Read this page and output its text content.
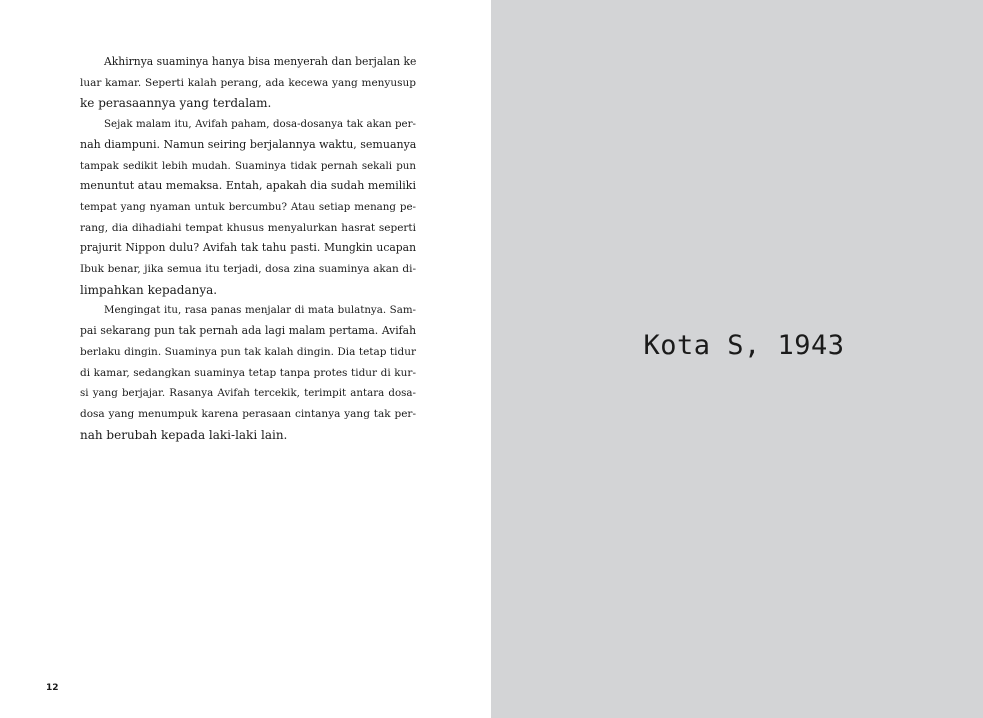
Akhirnya suaminya hanya bisa menyerah dan berjalan ke
luar kamar. Seperti kalah perang, ada kecewa yang menyusup
ke perasaannya yang terdalam.

Sejak malam itu, Avifah paham, dosa-dosanya tak akan per-
nah diampuni. Namun seiring berjalannya waktu, semuanya
tampak sedikit lebih mudah. Suaminya tidak pernah sekali pun
menuntut atau memaksa. Entah, apakah dia sudah memiliki
tempat yang nyaman untuk bercumbu? Atau setiap menang pe-
rang, dia dihadiahi tempat khusus menyalurkan hasrat seperti
prajurit Nippon dulu? Avifah tak tahu pasti. Mungkin ucapan
Ibuk benar, jika semua itu terjadi, dosa zina suaminya akan di-
limpahkan kepadanya.

Mengingat itu, rasa panas menjalar di mata bulatnya. Sam-
pai sekarang pun tak pernah ada lagi malam pertama. Avifah
berlaku dingin. Suaminya pun tak kalah dingin. Dia tetap tidur
di kamar, sedangkan suaminya tetap tanpa protes tidur di kur-
si yang berjajar. Rasanya Avifah tercekik, terimpit antara dosa-
dosa yang menumpuk karena perasaan cintanya yang tak per-
nah berubah kepada laki-laki lain.

12
Kota S, 1943
